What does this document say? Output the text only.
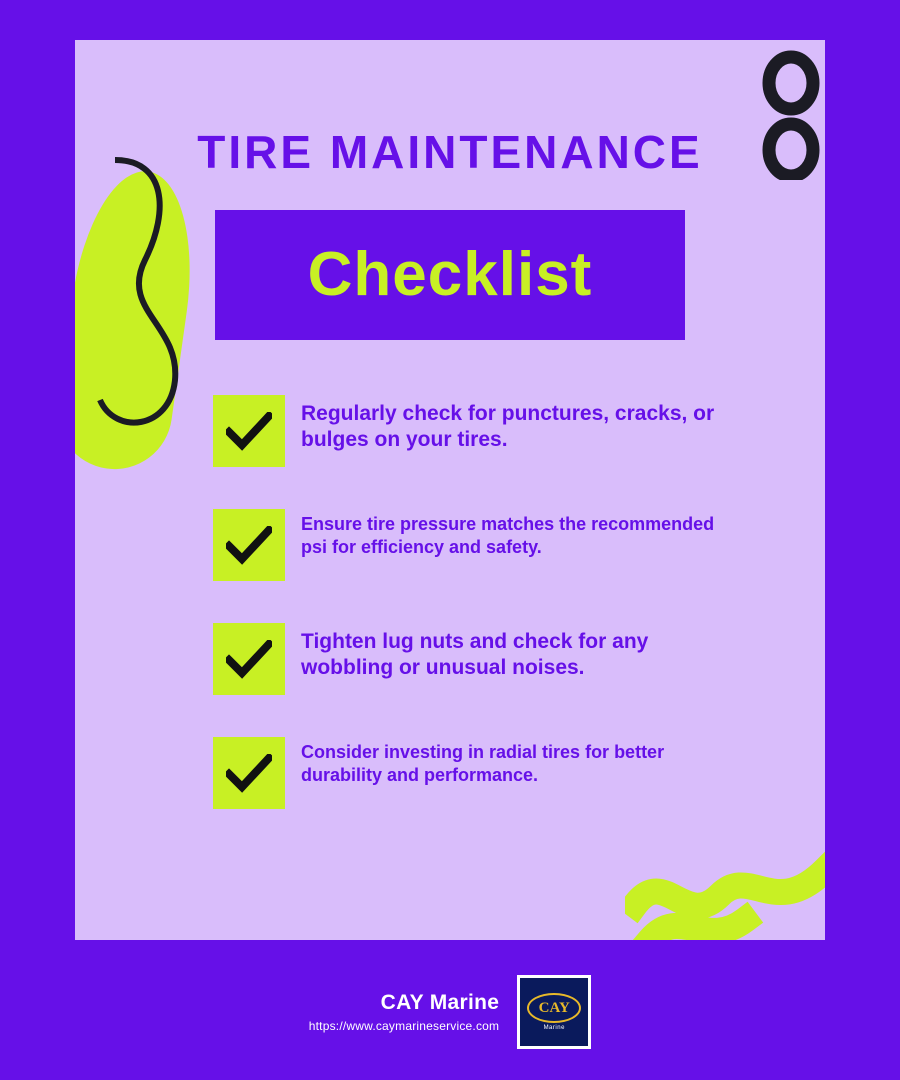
TIRE MAINTENANCE
Checklist
Regularly check for punctures, cracks, or bulges on your tires.
Ensure tire pressure matches the recommended psi for efficiency and safety.
Tighten lug nuts and check for any wobbling or unusual noises.
Consider investing in radial tires for better durability and performance.
CAY Marine
https://www.caymarineservice.com
CAY
Marine
